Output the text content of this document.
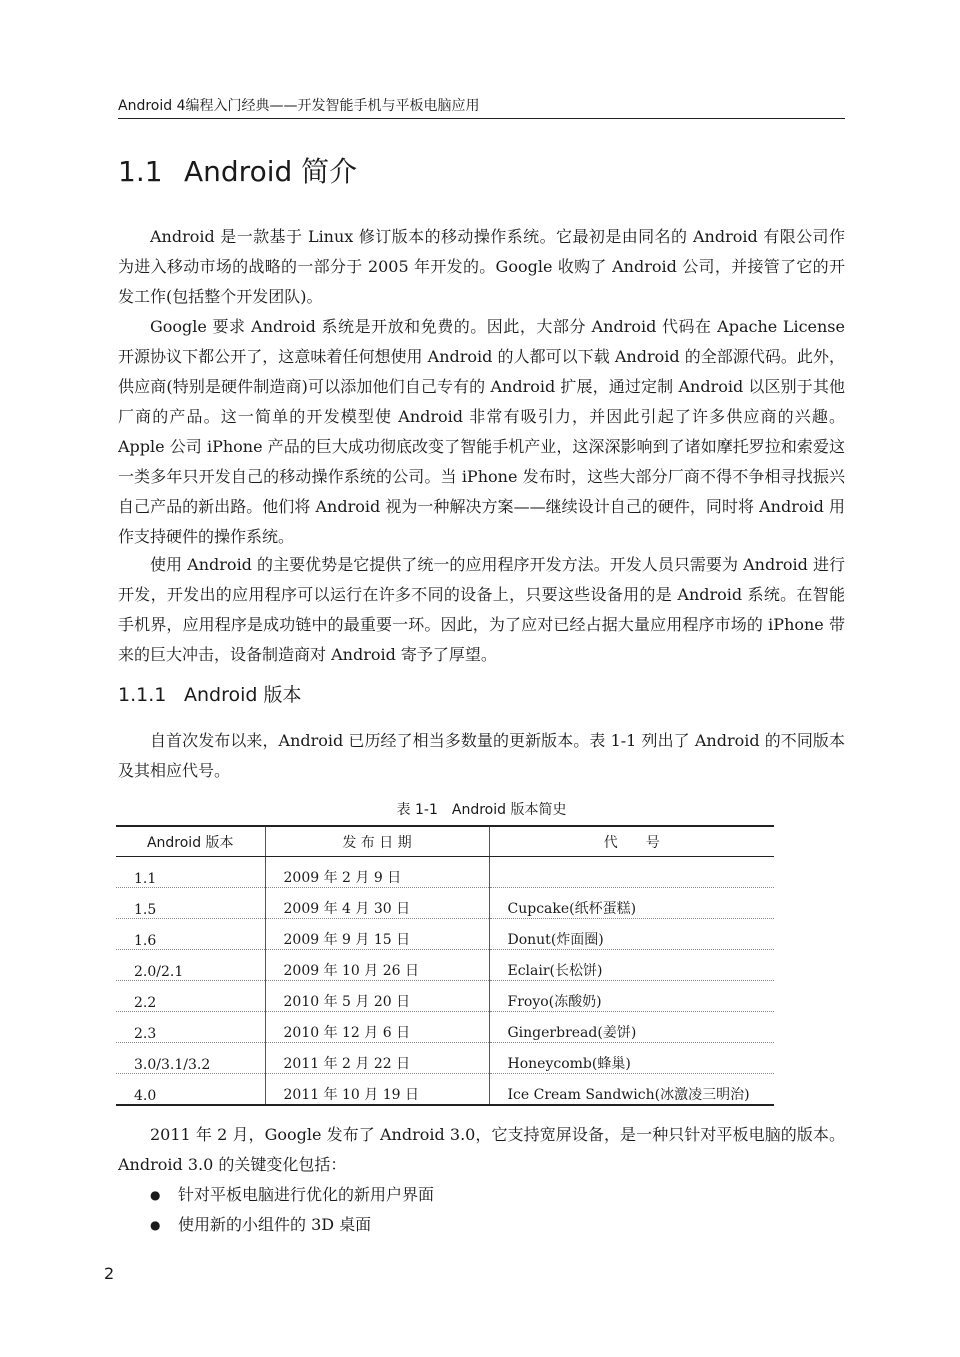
Android 4编程入门经典——开发智能手机与平板电脑应用
1.1 Android 简介

Android 是一款基于 Linux 修订版本的移动操作系统。它最初是由同名的 Android 有限公司作为进入移动市场的战略的一部分于 2005 年开发的。Google 收购了 Android 公司，并接管了它的开发工作(包括整个开发团队)。

Google 要求 Android 系统是开放和免费的。因此，大部分 Android 代码在 Apache License 开源协议下都公开了，这意味着任何想使用 Android 的人都可以下载 Android 的全部源代码。此外，供应商(特别是硬件制造商)可以添加他们自己专有的 Android 扩展，通过定制 Android 以区别于其他厂商的产品。这一简单的开发模型使 Android 非常有吸引力，并因此引起了许多供应商的兴趣。Apple 公司 iPhone 产品的巨大成功彻底改变了智能手机产业，这深深影响到了诸如摩托罗拉和索爱这一类多年只开发自己的移动操作系统的公司。当 iPhone 发布时，这些大部分厂商不得不争相寻找振兴自己产品的新出路。他们将 Android 视为一种解决方案——继续设计自己的硬件，同时将 Android 用作支持硬件的操作系统。

使用 Android 的主要优势是它提供了统一的应用程序开发方法。开发人员只需要为 Android 进行开发，开发出的应用程序可以运行在许多不同的设备上，只要这些设备用的是 Android 系统。在智能手机界，应用程序是成功链中的最重要一环。因此，为了应对已经占据大量应用程序市场的 iPhone 带来的巨大冲击，设备制造商对 Android 寄予了厚望。

1.1.1 Android 版本

自首次发布以来，Android 已历经了相当多数量的更新版本。表 1-1 列出了 Android 的不同版本及其相应代号。

表 1-1　Android 版本简史
Android 版本	发 布 日 期	代　　号
1.1	2009 年 2 月 9 日	
1.5	2009 年 4 月 30 日	Cupcake(纸杯蛋糕)
1.6	2009 年 9 月 15 日	Donut(炸面圈)
2.0/2.1	2009 年 10 月 26 日	Eclair(长松饼)
2.2	2010 年 5 月 20 日	Froyo(冻酸奶)
2.3	2010 年 12 月 6 日	Gingerbread(姜饼)
3.0/3.1/3.2	2011 年 2 月 22 日	Honeycomb(蜂巢)
4.0	2011 年 10 月 19 日	Ice Cream Sandwich(冰激凌三明治)

2011 年 2 月，Google 发布了 Android 3.0，它支持宽屏设备，是一种只针对平板电脑的版本。Android 3.0 的关键变化包括：

● 针对平板电脑进行优化的新用户界面
● 使用新的小组件的 3D 桌面
2
